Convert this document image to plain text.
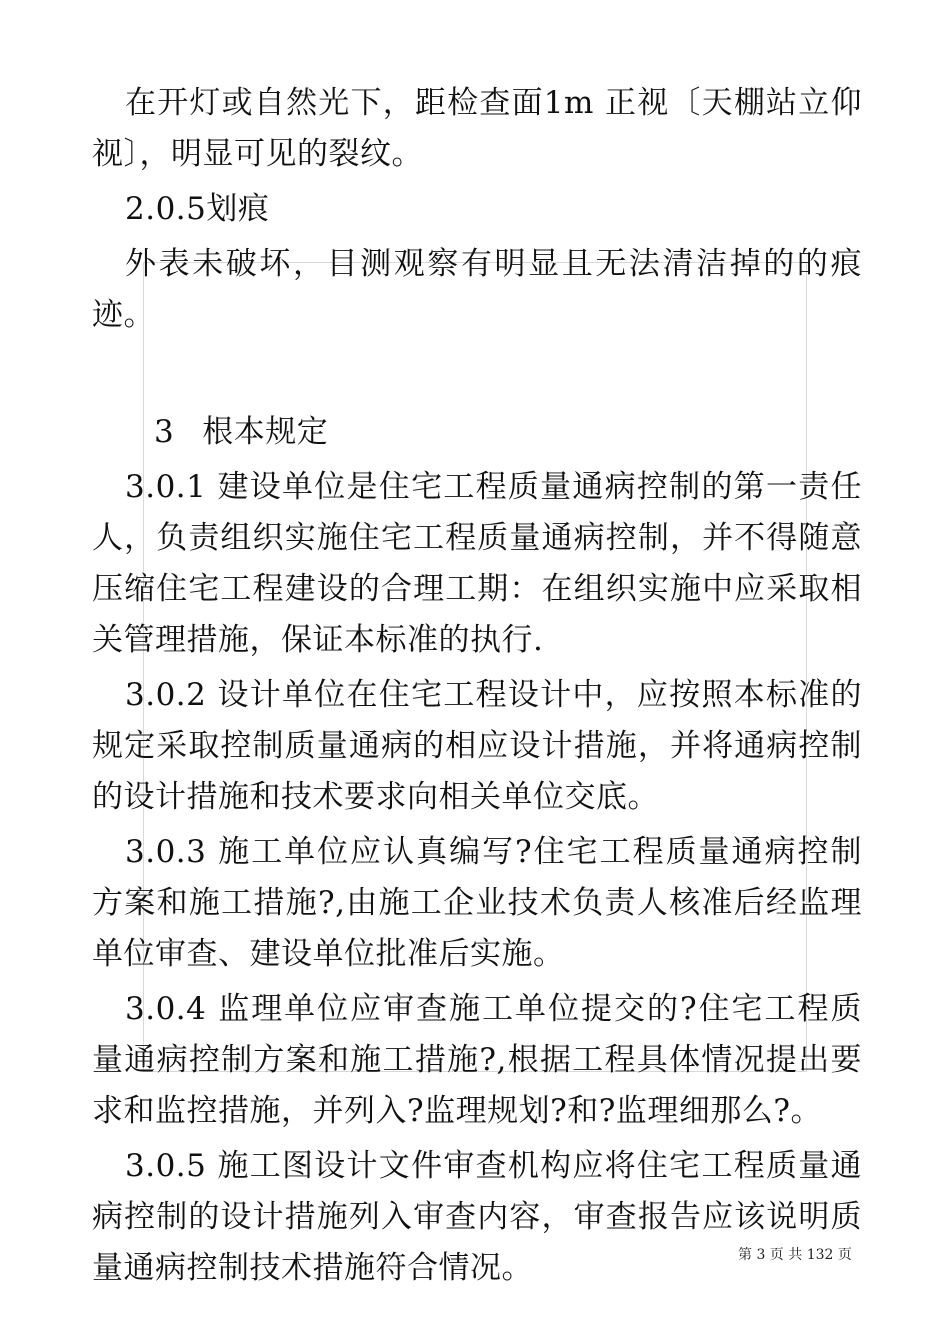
在开灯或自然光下，距检查面1m 正视〔天棚站立仰视〕，明显可见的裂纹。

2.0.5划痕

外表未破坏，目测观察有明显且无法清洁掉的的痕迹。

3 根本规定

3.0.1 建设单位是住宅工程质量通病控制的第一责任人，负责组织实施住宅工程质量通病控制，并不得随意压缩住宅工程建设的合理工期：在组织实施中应采取相关管理措施，保证本标准的执行.

3.0.2 设计单位在住宅工程设计中，应按照本标准的规定采取控制质量通病的相应设计措施，并将通病控制的设计措施和技术要求向相关单位交底。

3.0.3 施工单位应认真编写?住宅工程质量通病控制方案和施工措施?,由施工企业技术负责人核准后经监理单位审查、建设单位批准后实施。

3.0.4 监理单位应审查施工单位提交的?住宅工程质量通病控制方案和施工措施?,根据工程具体情况提出要求和监控措施，并列入?监理规划?和?监理细那么?。

3.0.5 施工图设计文件审查机构应将住宅工程质量通病控制的设计措施列入审查内容，审查报告应该说明质量通病控制技术措施符合情况。	第 3 页 共 132 页
